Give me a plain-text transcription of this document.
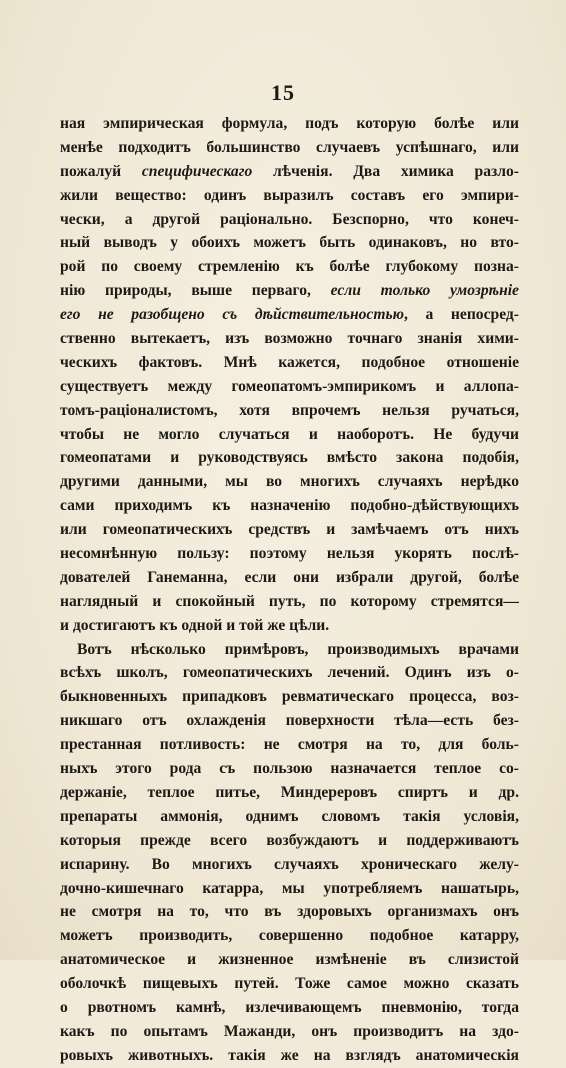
15
ная эмпирическая формула, подъ которую болѣе или
менѣе подходитъ большинство случаевъ успѣшнаго, или
пожалуй специфическаго лѣченія. Два химика разло-
жили вещество: одинъ выразилъ составъ его эмпири-
чески, а другой раціонально. Безспорно, что конеч-
ный выводъ у обоихъ можетъ быть одинаковъ, но вто-
рой по своему стремленію къ болѣе глубокому позна-
нію природы, выше перваго, если только умозрѣніе
его не разобщено съ дѣйствительностью, а непосред-
ственно вытекаетъ, изъ возможно точнаго знанія хими-
ческихъ фактовъ. Мнѣ кажется, подобное отношеніе
существуетъ между гомеопатомъ-эмпирикомъ и аллопа-
томъ-раціоналистомъ, хотя впрочемъ нельзя ручаться,
чтобы не могло случаться и наоборотъ. Не будучи
гомеопатами и руководствуясь вмѣсто закона подобія,
другими данными, мы во многихъ случаяхъ нерѣдко
сами приходимъ къ назначенію подобно-дѣйствующихъ
или гомеопатическихъ средствъ и замѣчаемъ отъ нихъ
несомнѣнную пользу: поэтому нельзя укорять послѣ-
дователей Ганеманна, если они избрали другой, болѣе
наглядный и спокойный путь, по которому стремятся—
и достигаютъ къ одной и той же цѣли.
Вотъ нѣсколько примѣровъ, производимыхъ врачами
всѣхъ школъ, гомеопатическихъ лечений. Одинъ изъ о-
быкновенныхъ припадковъ ревматическаго процесса, воз-
никшаго отъ охлажденія поверхности тѣла—есть без-
престанная потливость: не смотря на то, для боль-
ныхъ этого рода съ пользою назначается теплое со-
держаніе, теплое питье, Миндереровъ спиртъ и др.
препараты аммонія, однимъ словомъ такія условія,
которыя прежде всего возбуждаютъ и поддерживаютъ
испарину. Во многихъ случаяхъ хроническаго желу-
дочно-кишечнаго катарра, мы употребляемъ нашатырь,
не смотря на то, что въ здоровыхъ организмахъ онъ
можетъ производить, совершенно подобное катарру,
анатомическое и жизненное измѣненіе въ слизистой
оболочкѣ пищевыхъ путей. Тоже самое можно сказать
о рвотномъ камнѣ, излечивающемъ пневмонію, тогда
какъ по опытамъ Мажанди, онъ производитъ на здо-
ровыхъ животныхъ. такія же на взглядъ анатомическія
